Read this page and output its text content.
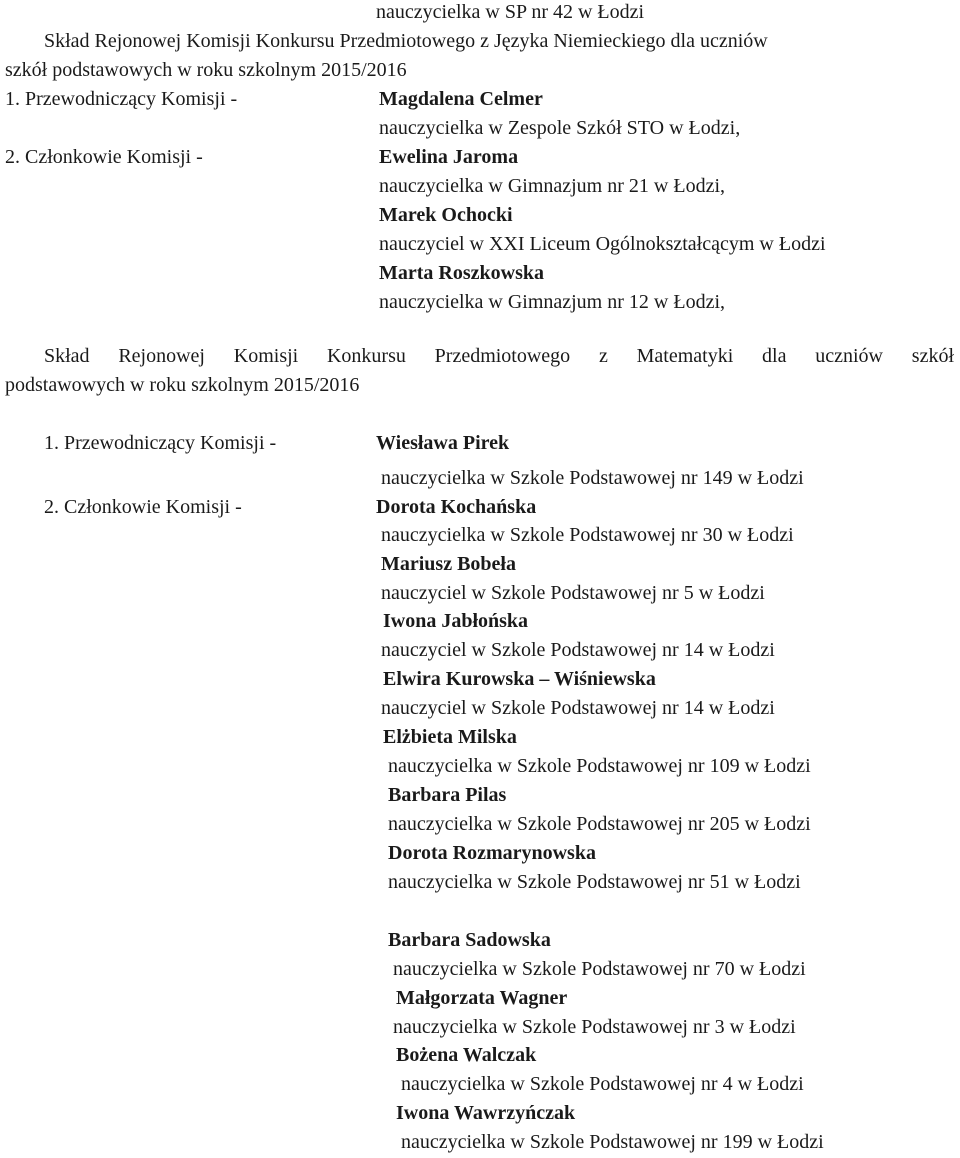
nauczycielka w SP nr 42 w Łodzi
Skład Rejonowej Komisji Konkursu Przedmiotowego z Języka Niemieckiego dla uczniów
szkół podstawowych w roku szkolnym 2015/2016
1. Przewodniczący Komisji -	Magdalena Celmer
nauczycielka w Zespole Szkół STO w Łodzi,
2. Członkowie Komisji -	Ewelina Jaroma
nauczycielka w Gimnazjum nr 21 w Łodzi,
Marek Ochocki
nauczyciel w XXI Liceum Ogólnokształcącym w Łodzi
Marta Roszkowska
nauczycielka w Gimnazjum nr 12 w Łodzi,
Skład Rejonowej Komisji Konkursu Przedmiotowego z Matematyki dla uczniów szkół
podstawowych w roku szkolnym 2015/2016
1. Przewodniczący Komisji -	Wiesława Pirek
nauczycielka w Szkole Podstawowej nr 149 w Łodzi
2. Członkowie Komisji -	Dorota Kochańska
nauczycielka w Szkole Podstawowej nr 30 w Łodzi
Mariusz Bobeła
nauczyciel w Szkole Podstawowej nr 5 w Łodzi
Iwona Jabłońska
nauczyciel w Szkole Podstawowej nr 14 w Łodzi
Elwira Kurowska – Wiśniewska
nauczyciel w Szkole Podstawowej nr 14 w Łodzi
Elżbieta Milska
nauczycielka w Szkole Podstawowej nr 109 w Łodzi
Barbara Pilas
nauczycielka w Szkole Podstawowej nr 205 w Łodzi
Dorota Rozmarynowska
nauczycielka w Szkole Podstawowej nr 51 w Łodzi
Barbara Sadowska
nauczycielka w Szkole Podstawowej nr 70 w Łodzi
Małgorzata Wagner
nauczycielka w Szkole Podstawowej nr 3 w Łodzi
Bożena Walczak
nauczycielka w Szkole Podstawowej nr 4 w Łodzi
Iwona Wawrzyńczak
nauczycielka w Szkole Podstawowej nr 199 w Łodzi
